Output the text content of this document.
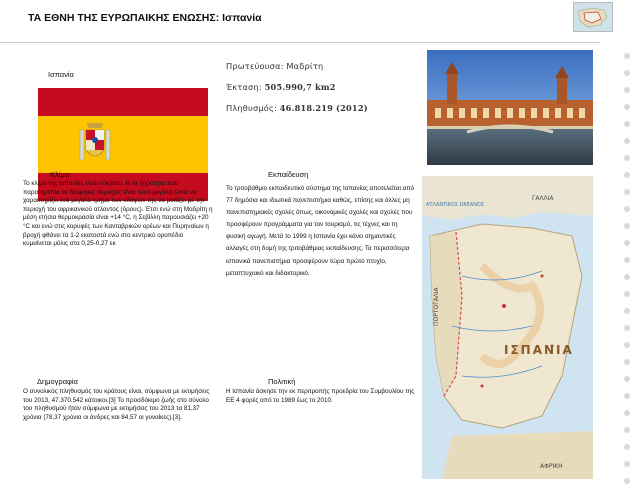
ΤΑ ΕΘΝΗ ΤΗΣ ΕΥΡΩΠΑΙΚΗΣ ΕΝΩΣΗΣ: Ισπανία
Ισπανία
Πρωτεύουσα: Μαδρίτη
Έκταση: 505.990,7 km2
Πληθυσμός: 46.818.219 (2012)
Κλίμα
Το κλίμα της Ισπανίας είναι εύκρατο. Η δε ξηρότητα που παρατηρείται σε διάφορες περιοχές είναι τόσο μεγάλη ώστε να χαρακτηρίζει ένα μεγάλο τμήμα των εδαφών της να μοιάζει με την περιοχή του αφρικανικού ατλαντος (όρους). Έτσι ενώ στη Μαδρίτη η μέση ετήσια θερμοκρασία είναι +14 °C, η Σεβίλλη παρουσιάζει +20 °C και ενώ στις κορυφές των Κανταβρικών ορέων και Πυρηναίων η βροχή φθάνει τα 1-2 εκατοστά ενώ στο κεντρικό οροπέδιο κυμαίνεται μόλις στα 0,25-0,27 εκ
Εκπαίδευση
Το τριτοβάθμιο εκπαιδευτικό σύστημα της Ισπανίας αποτελείται από 77 δημόσια και ιδιωτικά πανεπιστήμια καθώς, επίσης και άλλες μη πανεπιστημιακές σχολές όπως, οικονομικές σχολές και σχολές που προσφέρουν προγράμματα για τον τουρισμό, τις τέχνες και τη φυσική αγωγή. Μετά το 1999 η Ισπανία έχει κάνει σημαντικές αλλαγές στη δομή της τριτοβάθμιας εκπαίδευσης. Τα περισσότερα ισπανικά πανεπιστήμια προσφέρουν τώρα πρώτο πτυχίο, μεταπτυχιακό και διδακτορικό.
ΙΣΠΑΝΙΑ
ΠΟΡΤΟΓΑΛΙΑ
ΓΑΛΛΙΑ
ΑΦΡΙΚΗ
ΑΤΛΑΝΤΙΚΟΣ ΩΚΕΑΝΟΣ
Δημογραφία
Ο συνολικός πληθυσμός του κράτους είναι, σύμφωνα με εκτιμήσεις του 2013, 47.370.542 κάτοικοι.[3] Το προσδόκιμο ζωής στο σύνολο του πληθυσμού ήταν σύμφωνα με εκτιμήσεις του 2013 τα 81,37 χρόνια (78,37 χρόνια οι άνδρες και 84,57 οι γυναίκες).[3].
Πολιτική
Η Ισπανία άσκησε την εκ περιτροπής προεδρία του Συμβουλίου της ΕΕ 4 φορές από το 1989 έως το 2010.
